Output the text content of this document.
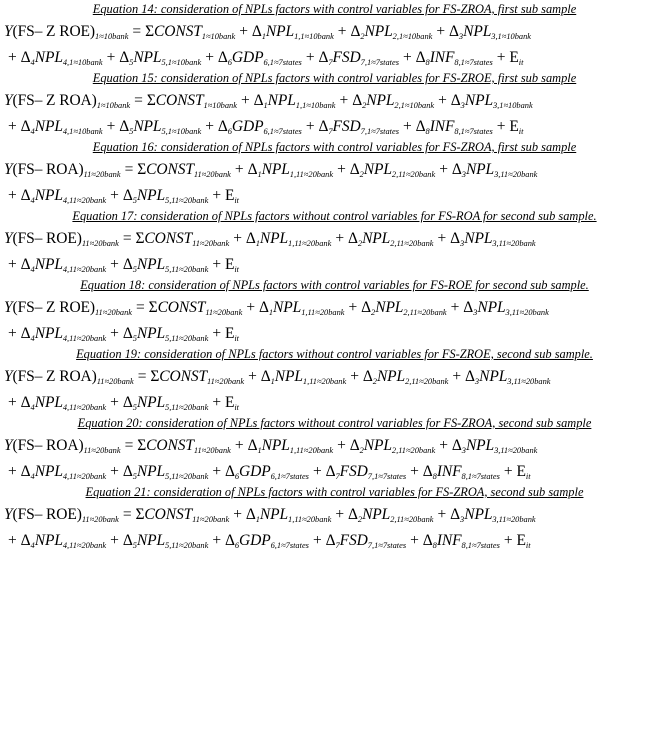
Equation 14: consideration of NPLs factors with control variables for FS-ZROA, first sub sample
Y(FS– Z $ROE)_{1\approx 10bank}$ = $\Sigma CONST_{1\approx 10bank} + \Delta_1NPL_{1,1\approx 10bank} + \Delta_2NPL_{2,1\approx 10bank} + \Delta_3NPL_{3,1\approx 10bank}$
+ $\Delta_4NPL_{4,1\approx 10bank} + \Delta_5NPL_{5,1\approx 10bank} + \Delta_6GDP_{6,1\approx 7states} + \Delta_7FSD_{7,1\approx 7states} + \Delta_8INF_{8,1\approx 7states} + E_{it}$
Equation 15: consideration of NPLs factors with control variables for FS-ZROE, first sub sample
Y(FS– Z $ROA)_{1\approx 10bank}$ = $\Sigma CONST_{1\approx 10bank} + \Delta_1NPL_{1,1\approx 10bank} + \Delta_2NPL_{2,1\approx 10bank} + \Delta_3NPL_{3,1\approx 10bank}$
+ $\Delta_4NPL_{4,1\approx 10bank} + \Delta_5NPL_{5,1\approx 10bank} + \Delta_6GDP_{6,1\approx 7states} + \Delta_7FSD_{7,1\approx 7states} + \Delta_8INF_{8,1\approx 7states} + E_{it}$
Equation 16: consideration of NPLs factors with control variables for FS-ZROA, first sub sample
Y(FS– $ROA)_{11\approx 20bank}$ = $\Sigma CONST_{11\approx 20bank} + \Delta_1NPL_{1,11\approx 20bank} + \Delta_2NPL_{2,11\approx 20bank} + \Delta_3NPL_{3,11\approx 20bank}$
+ $\Delta_4NPL_{4,11\approx 20bank} + \Delta_5NPL_{5,11\approx 20bank} + E_{it}$
Equation 17: consideration of NPLs factors without control variables for FS-ROA for second sub sample.
Y(FS– $ROE)_{11\approx 20bank}$ = $\Sigma CONST_{11\approx 20bank} + \Delta_1NPL_{1,11\approx 20bank} + \Delta_2NPL_{2,11\approx 20bank} + \Delta_3NPL_{3,11\approx 20bank}$
+ $\Delta_4NPL_{4,11\approx 20bank} + \Delta_5NPL_{5,11\approx 20bank} + E_{it}$
Equation 18: consideration of NPLs factors with control variables for FS-ROE for second sub sample.
Y(FS– Z $ROE)_{11\approx 20bank}$ = $\Sigma CONST_{11\approx 20bank} + \Delta_1NPL_{1,11\approx 20bank} + \Delta_2NPL_{2,11\approx 20bank} + \Delta_3NPL_{3,11\approx 20bank}$
+ $\Delta_4NPL_{4,11\approx 20bank} + \Delta_5NPL_{5,11\approx 20bank} + E_{it}$
Equation 19: consideration of NPLs factors without control variables for FS-ZROE, second sub sample.
Y(FS– Z $ROA)_{11\approx 20bank}$ = $\Sigma CONST_{11\approx 20bank} + \Delta_1NPL_{1,11\approx 20bank} + \Delta_2NPL_{2,11\approx 20bank} + \Delta_3NPL_{3,11\approx 20bank}$
+ $\Delta_4NPL_{4,11\approx 20bank} + \Delta_5NPL_{5,11\approx 20bank} + E_{it}$
Equation 20: consideration of NPLs factors without control variables for FS-ZROA, second sub sample
Y(FS– $ROA)_{11\approx 20bank}$ = $\Sigma CONST_{11\approx 20bank} + \Delta_1NPL_{1,11\approx 20bank} + \Delta_2NPL_{2,11\approx 20bank} + \Delta_3NPL_{3,11\approx 20bank}$
+ $\Delta_4NPL_{4,11\approx 20bank} + \Delta_5NPL_{5,11\approx 20bank} + \Delta_6GDP_{6,1\approx 7states} + \Delta_7FSD_{7,1\approx 7states} + \Delta_8INF_{8,1\approx 7states} + E_{it}$
Equation 21: consideration of NPLs factors with control variables for FS-ZROA, second sub sample
Y(FS– $ROE)_{11\approx 20bank}$ = $\Sigma CONST_{11\approx 20bank} + \Delta_1NPL_{1,11\approx 20bank} + \Delta_2NPL_{2,11\approx 20bank} + \Delta_3NPL_{3,11\approx 20bank}$
+ $\Delta_4NPL_{4,11\approx 20bank} + \Delta_5NPL_{5,11\approx 20bank} + \Delta_6GDP_{6,1\approx 7states} + \Delta_7FSD_{7,1\approx 7states} + \Delta_8INF_{8,1\approx 7states} + E_{it}$
